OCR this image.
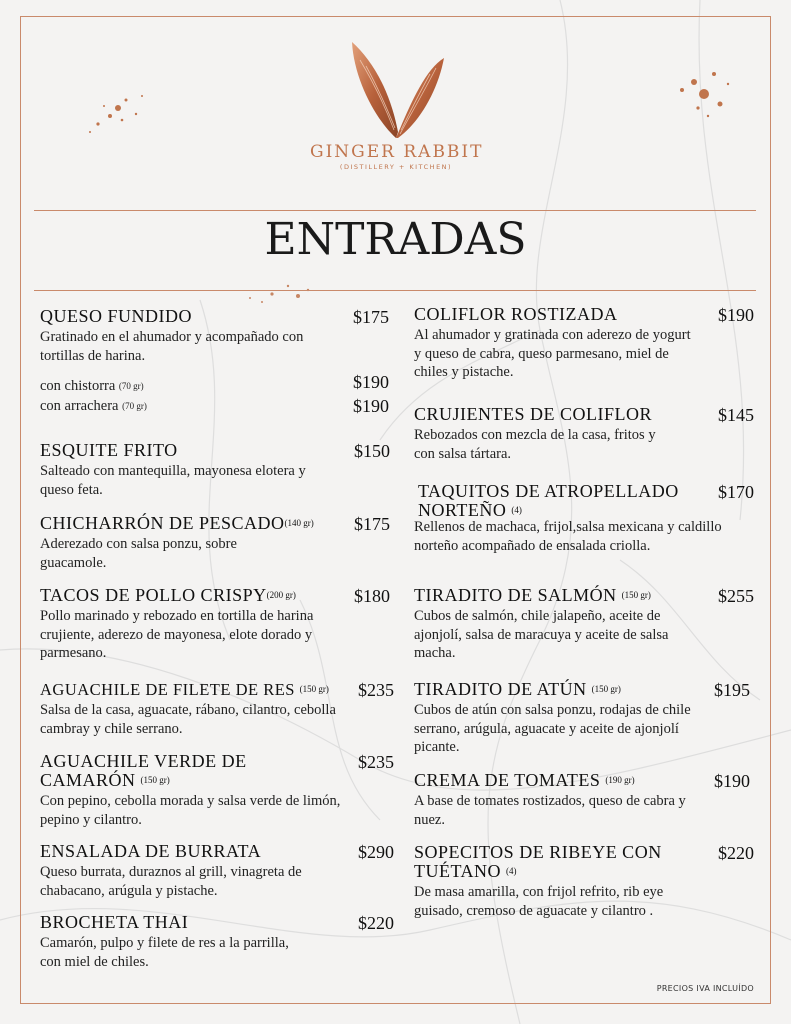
GINGER RABBIT
(DISTILLERY + KITCHEN)
ENTRADAS
QUESO FUNDIDO	$175
Gratinado en el ahumador y acompañado con tortillas de harina.
con chistorra (70 gr)	$190
con arrachera (70 gr)	$190
ESQUITE FRITO	$150
Salteado con mantequilla, mayonesa elotera y queso feta.
CHICHARRÓN DE PESCADO(140 gr)	$175
Aderezado con salsa ponzu, sobre guacamole.
TACOS DE POLLO CRISPY(200 gr)	$180
Pollo marinado y rebozado en tortilla de harina crujiente, aderezo de mayonesa, elote dorado y parmesano.
AGUACHILE DE FILETE DE RES (150 gr)	$235
Salsa de la casa, aguacate, rábano, cilantro, cebolla cambray y chile serrano.
AGUACHILE VERDE DE
CAMARÓN (150 gr)
$235
Con pepino, cebolla morada y salsa verde de limón, pepino y cilantro.
ENSALADA DE BURRATA	$290
Queso burrata, duraznos al grill, vinagreta de chabacano, arúgula y pistache.
BROCHETA THAI	$220
Camarón, pulpo y filete de res a la parrilla, con miel de chiles.
COLIFLOR ROSTIZADA	$190
Al ahumador y gratinada con aderezo de yogurt y queso de cabra, queso parmesano, miel de chiles y pistache.
CRUJIENTES DE COLIFLOR	$145
Rebozados con mezcla de la casa, fritos y con salsa tártara.
TAQUITOS DE ATROPELLADO
NORTEÑO (4)
$170
Rellenos de machaca, frijol,salsa mexicana y caldillo norteño acompañado de ensalada criolla.
TIRADITO DE SALMÓN (150 gr)	$255
Cubos de salmón, chile jalapeño, aceite de ajonjolí, salsa de maracuya y aceite de salsa macha.
TIRADITO DE ATÚN (150 gr)	$195
Cubos de atún con salsa ponzu, rodajas de chile serrano, arúgula, aguacate y aceite de ajonjolí picante.
CREMA DE TOMATES (190 gr)	$190
A base de tomates rostizados, queso de cabra y nuez.
SOPECITOS DE RIBEYE CON
TUÉTANO (4)
$220
De masa amarilla, con frijol refrito, rib eye guisado, cremoso de aguacate y cilantro .
PRECIOS IVA INCLUÍDO
